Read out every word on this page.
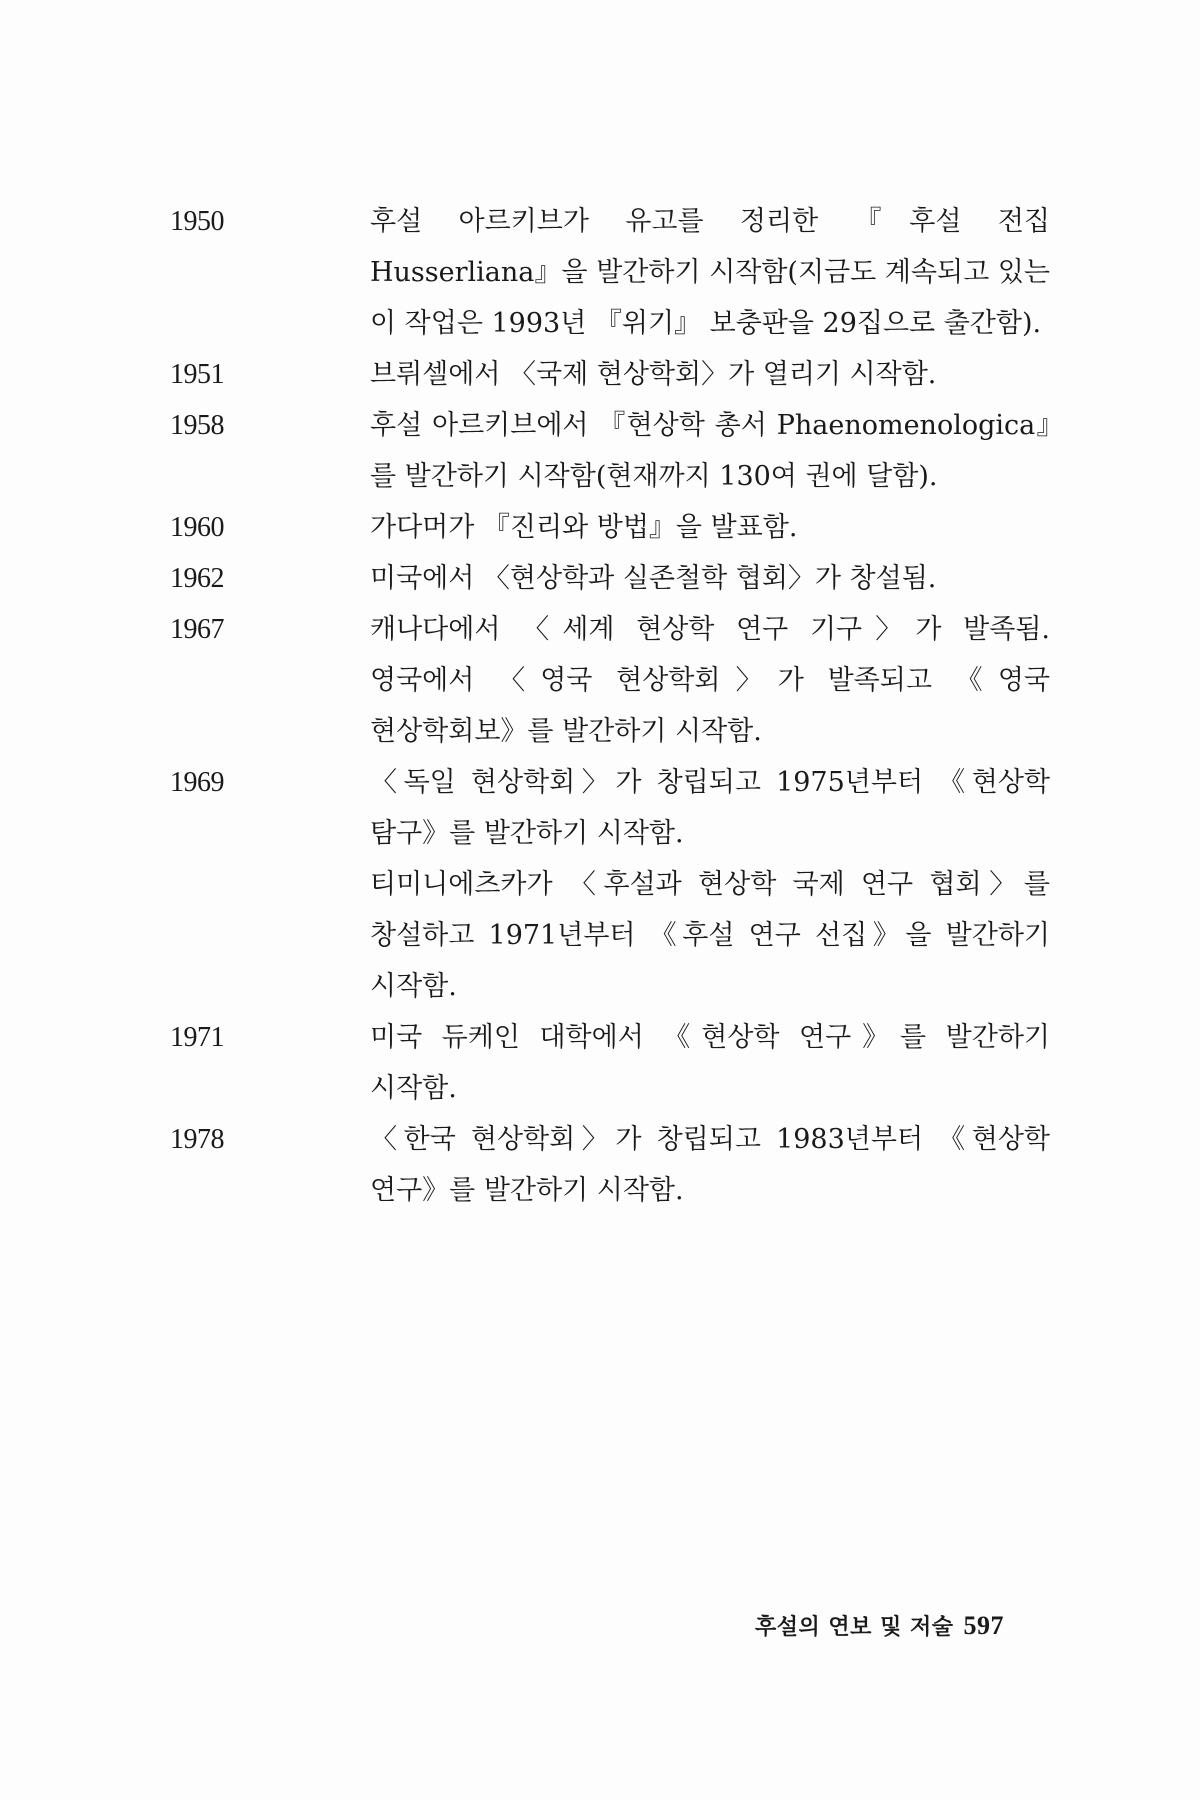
1950	후설 아르키브가 유고를 정리한 『후설 전집 Husserliana』을 발간하기 시작함(지금도 계속되고 있는 이 작업은 1993년 『위기』 보충판을 29집으로 출간함).
1951	브뤼셀에서 〈국제 현상학회〉가 열리기 시작함.
1958	후설 아르키브에서 『현상학 총서 Phaenomenologica』를 발간하기 시작함(현재까지 130여 권에 달함).
1960	가다머가 『진리와 방법』을 발표함.
1962	미국에서 〈현상학과 실존철학 협회〉가 창설됨.
1967	캐나다에서 〈세계 현상학 연구 기구〉가 발족됨. 영국에서 〈영국 현상학회〉가 발족되고 《영국 현상학회보》를 발간하기 시작함.
1969	〈독일 현상학회〉가 창립되고 1975년부터 《현상학 탐구》를 발간하기 시작함.
티미니에츠카가 〈후설과 현상학 국제 연구 협회〉를 창설하고 1971년부터 《후설 연구 선집》을 발간하기 시작함.
1971	미국 듀케인 대학에서 《현상학 연구》를 발간하기 시작함.
1978	〈한국 현상학회〉가 창립되고 1983년부터 《현상학 연구》를 발간하기 시작함.
후설의 연보 및 저술 597
